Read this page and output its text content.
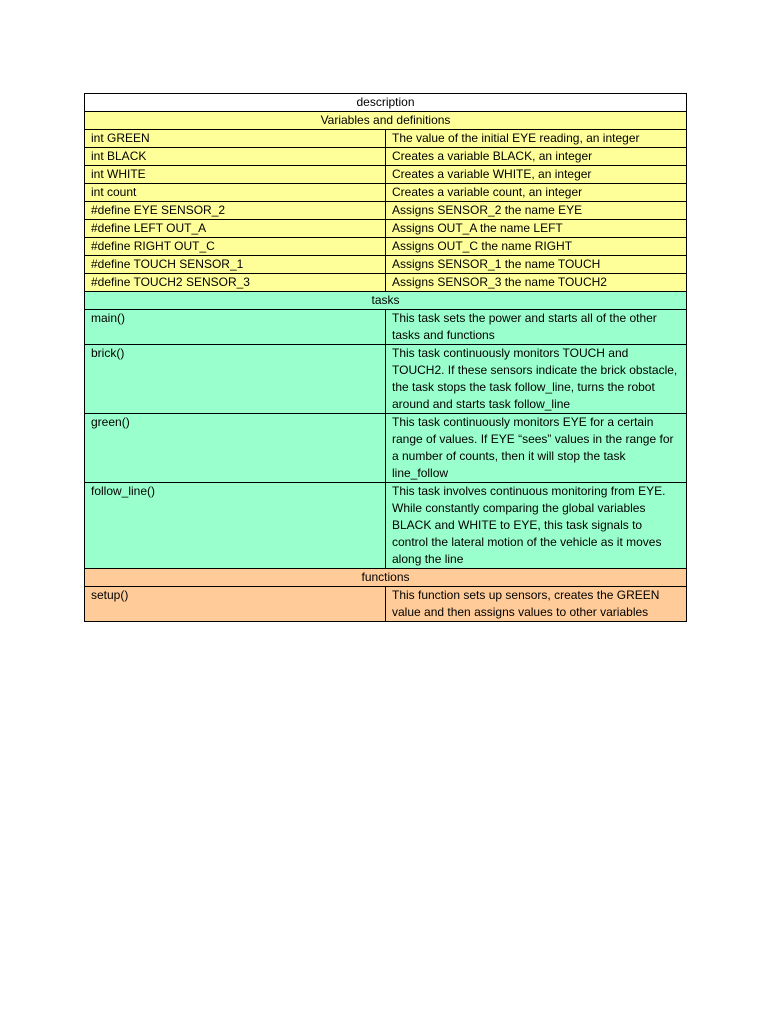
description	
Variables and definitions	
int GREEN	The value of the initial EYE reading, an integer
int BLACK	Creates a variable BLACK, an integer
int WHITE	Creates a variable WHITE, an integer
int count	Creates a variable count, an integer
#define EYE SENSOR_2	Assigns SENSOR_2 the name EYE
#define LEFT OUT_A	Assigns OUT_A the name LEFT
#define RIGHT OUT_C	Assigns OUT_C the name RIGHT
#define TOUCH SENSOR_1	Assigns SENSOR_1 the name TOUCH
#define TOUCH2 SENSOR_3	Assigns SENSOR_3 the name TOUCH2
tasks	
main()	This task sets the power and starts all of the other tasks and functions
brick()	This task continuously monitors TOUCH and TOUCH2. If these sensors indicate the brick obstacle, the task stops the task follow_line, turns the robot around and starts task follow_line
green()	This task continuously monitors EYE for a certain range of values. If EYE “sees” values in the range for a number of counts, then it will stop the task line_follow
follow_line()	This task involves continuous monitoring from EYE. While constantly comparing the global variables BLACK and WHITE to EYE, this task signals to control the lateral motion of the vehicle as it moves along the line
functions	
setup()	This function sets up sensors, creates the GREEN value and then assigns values to other variables
